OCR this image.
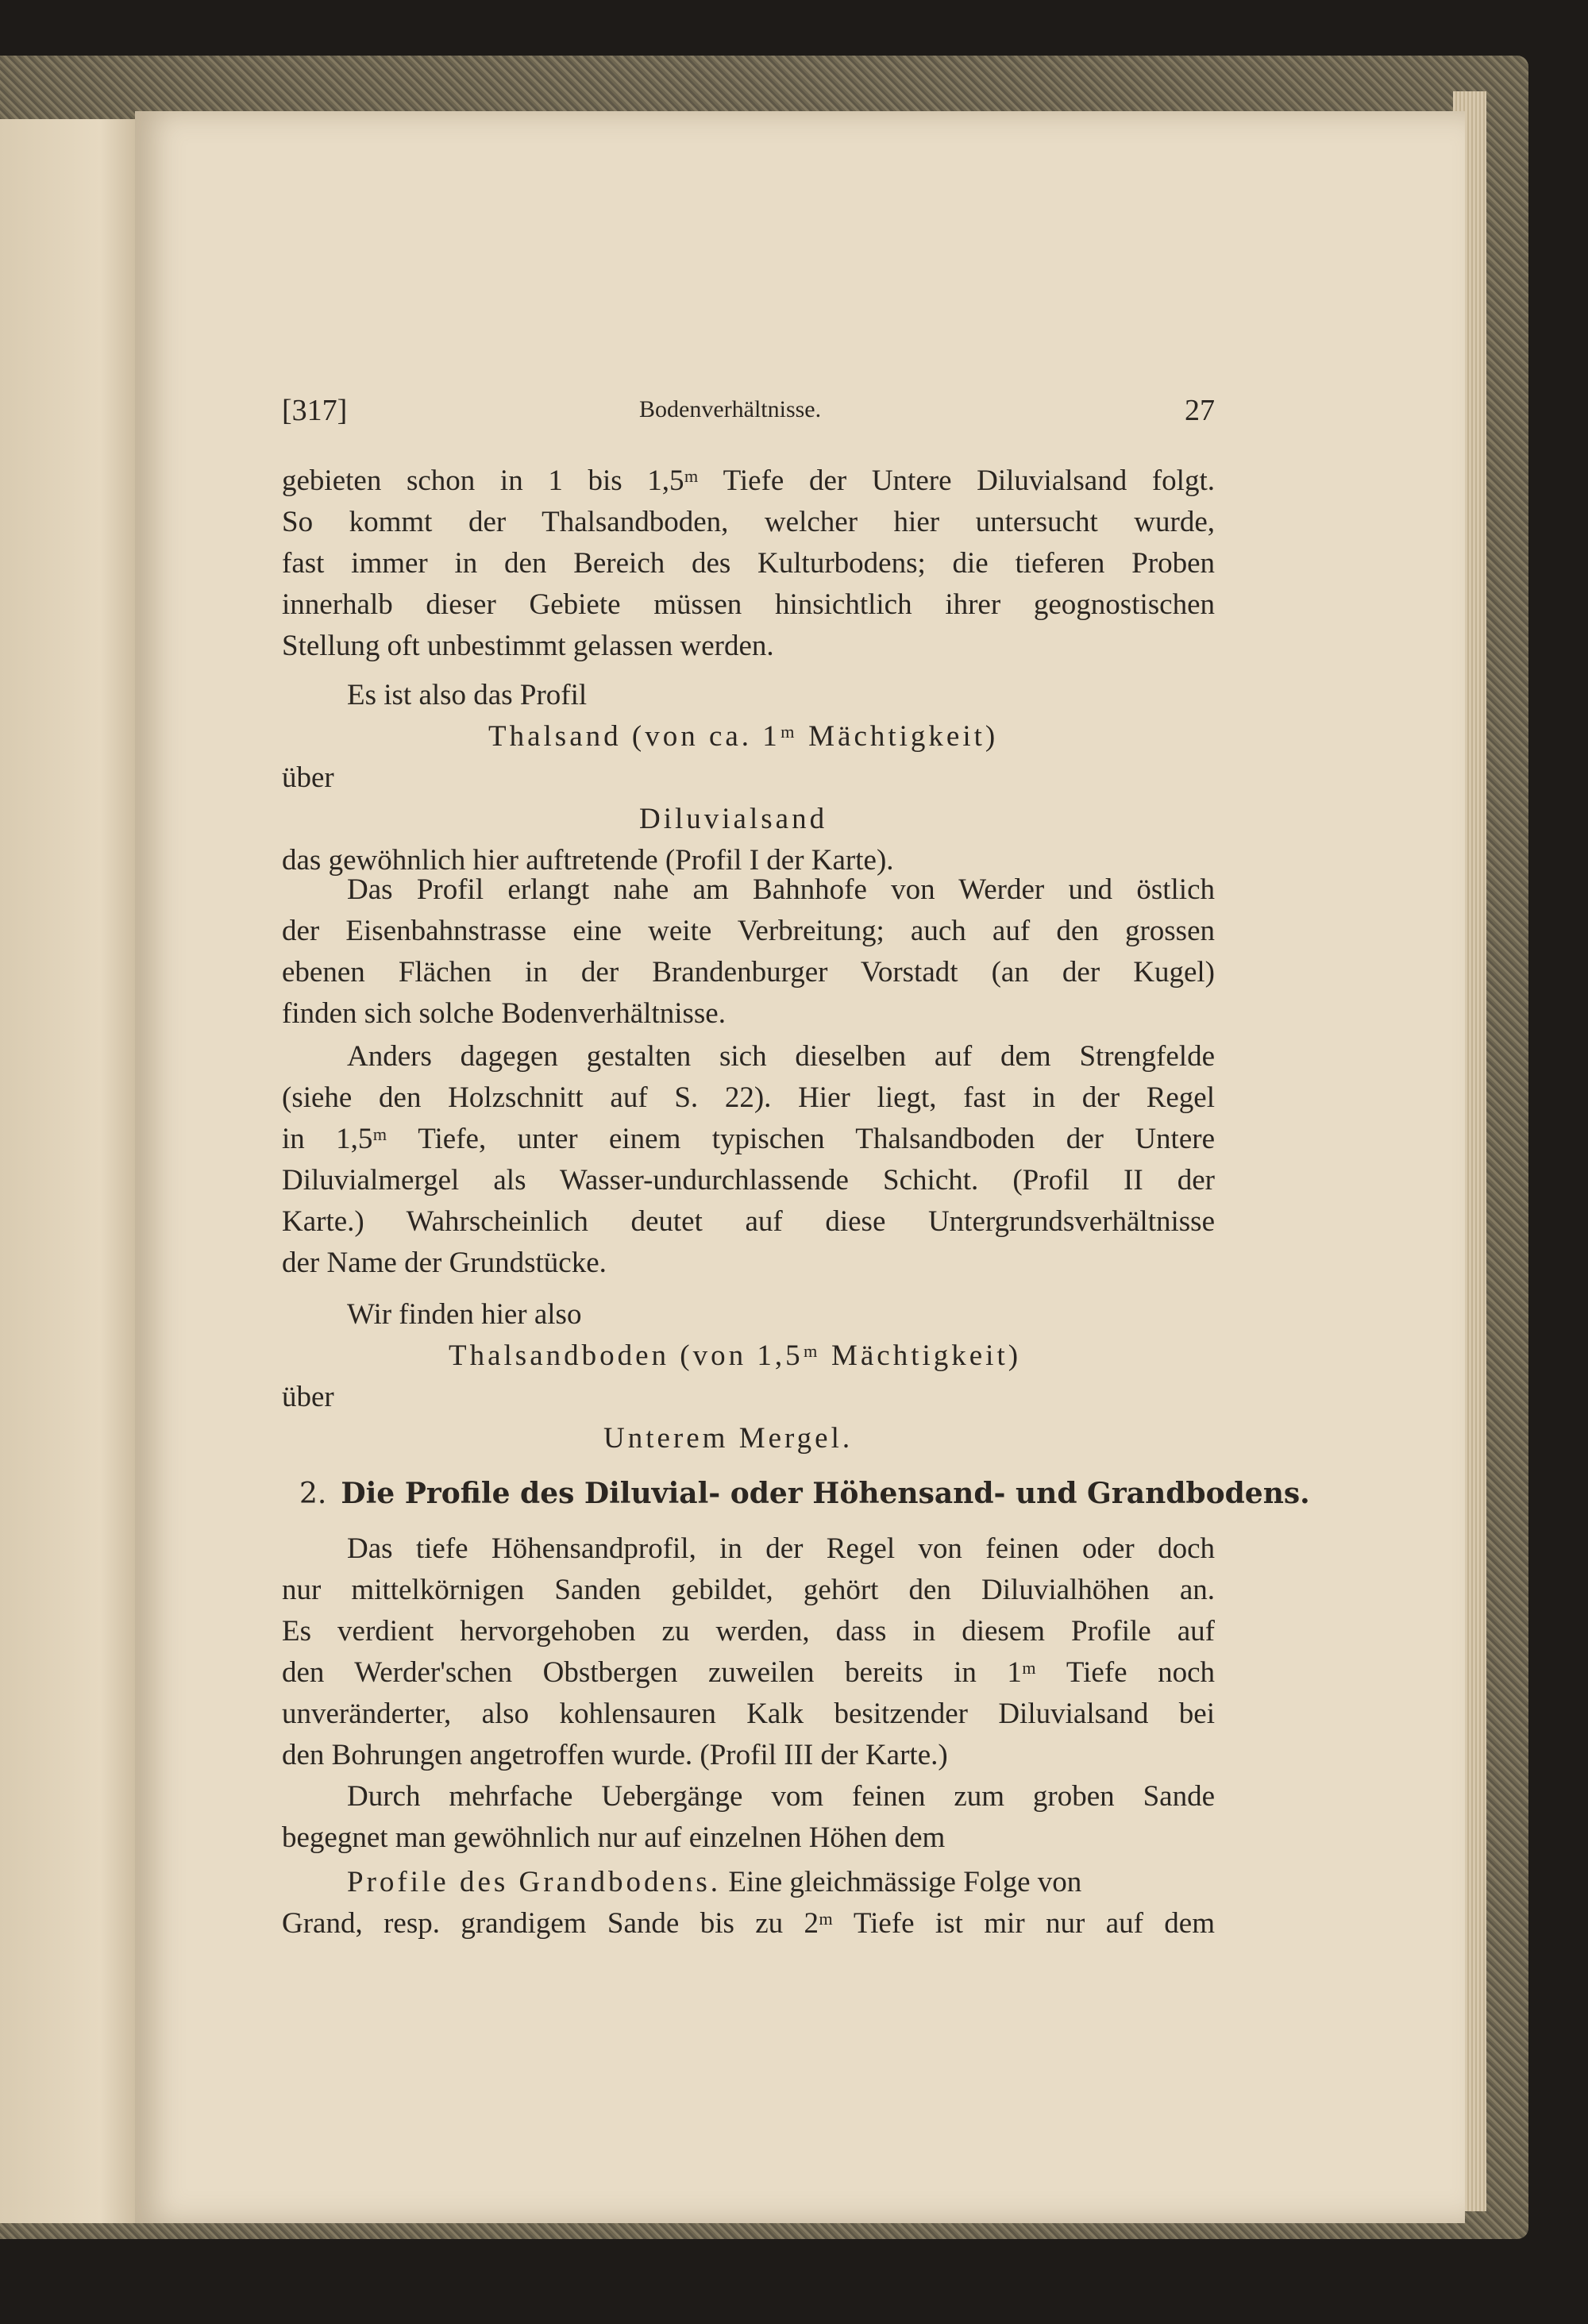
[317]	Bodenverhältnisse.	27
gebieten schon in 1 bis 1,5ᵐ Tiefe der Untere Diluvialsand folgt.
So kommt der Thalsandboden, welcher hier untersucht wurde,
fast immer in den Bereich des Kulturbodens; die tieferen Proben
innerhalb dieser Gebiete müssen hinsichtlich ihrer geognostischen
Stellung oft unbestimmt gelassen werden.
Es ist also das Profil
Thalsand (von ca. 1ᵐ Mächtigkeit)
über
Diluvialsand
das gewöhnlich hier auftretende (Profil I der Karte).
Das Profil erlangt nahe am Bahnhofe von Werder und östlich
der Eisenbahnstrasse eine weite Verbreitung; auch auf den grossen
ebenen Flächen in der Brandenburger Vorstadt (an der Kugel)
finden sich solche Bodenverhältnisse.
Anders dagegen gestalten sich dieselben auf dem Strengfelde
(siehe den Holzschnitt auf S. 22). Hier liegt, fast in der Regel
in 1,5ᵐ Tiefe, unter einem typischen Thalsandboden der Untere
Diluvialmergel als Wasser-undurchlassende Schicht. (Profil II der
Karte.) Wahrscheinlich deutet auf diese Untergrundsverhältnisse
der Name der Grundstücke.
Wir finden hier also
Thalsandboden (von 1,5ᵐ Mächtigkeit)
über
Unterem Mergel.
2. Die Profile des Diluvial- oder Höhensand- und Grandbodens.
Das tiefe Höhensandprofil, in der Regel von feinen oder doch
nur mittelkörnigen Sanden gebildet, gehört den Diluvialhöhen an.
Es verdient hervorgehoben zu werden, dass in diesem Profile auf
den Werder'schen Obstbergen zuweilen bereits in 1ᵐ Tiefe noch
unveränderter, also kohlensauren Kalk besitzender Diluvialsand bei
den Bohrungen angetroffen wurde. (Profil III der Karte.)
Durch mehrfache Uebergänge vom feinen zum groben Sande
begegnet man gewöhnlich nur auf einzelnen Höhen dem
Profile des Grandbodens. Eine gleichmässige Folge von
Grand, resp. grandigem Sande bis zu 2ᵐ Tiefe ist mir nur auf dem
